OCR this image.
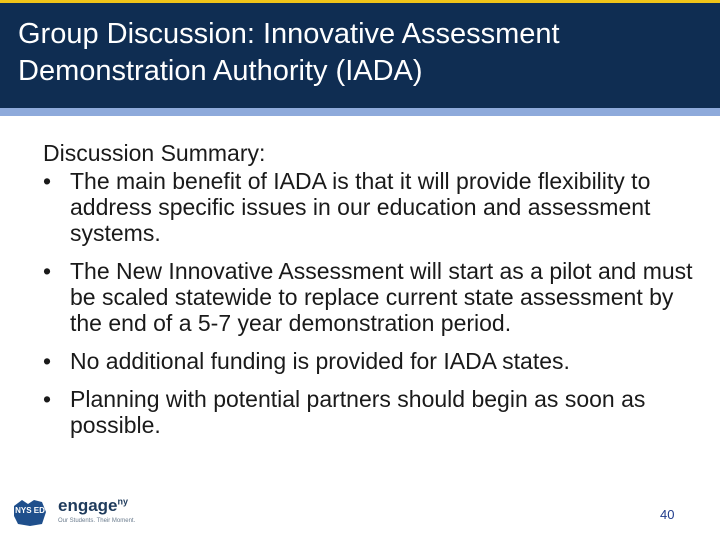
Group Discussion: Innovative Assessment Demonstration Authority (IADA)
Discussion Summary:
• The main benefit of IADA is that it will provide flexibility to address specific issues in our education and assessment systems.
• The New Innovative Assessment will start as a pilot and must be scaled statewide to replace current state assessment by the end of a 5-7 year demonstration period.
• No additional funding is provided for IADA states.
• Planning with potential partners should begin as soon as possible.
NYS ED engage$^{ny}$
Our Students. Their Moment.	40
